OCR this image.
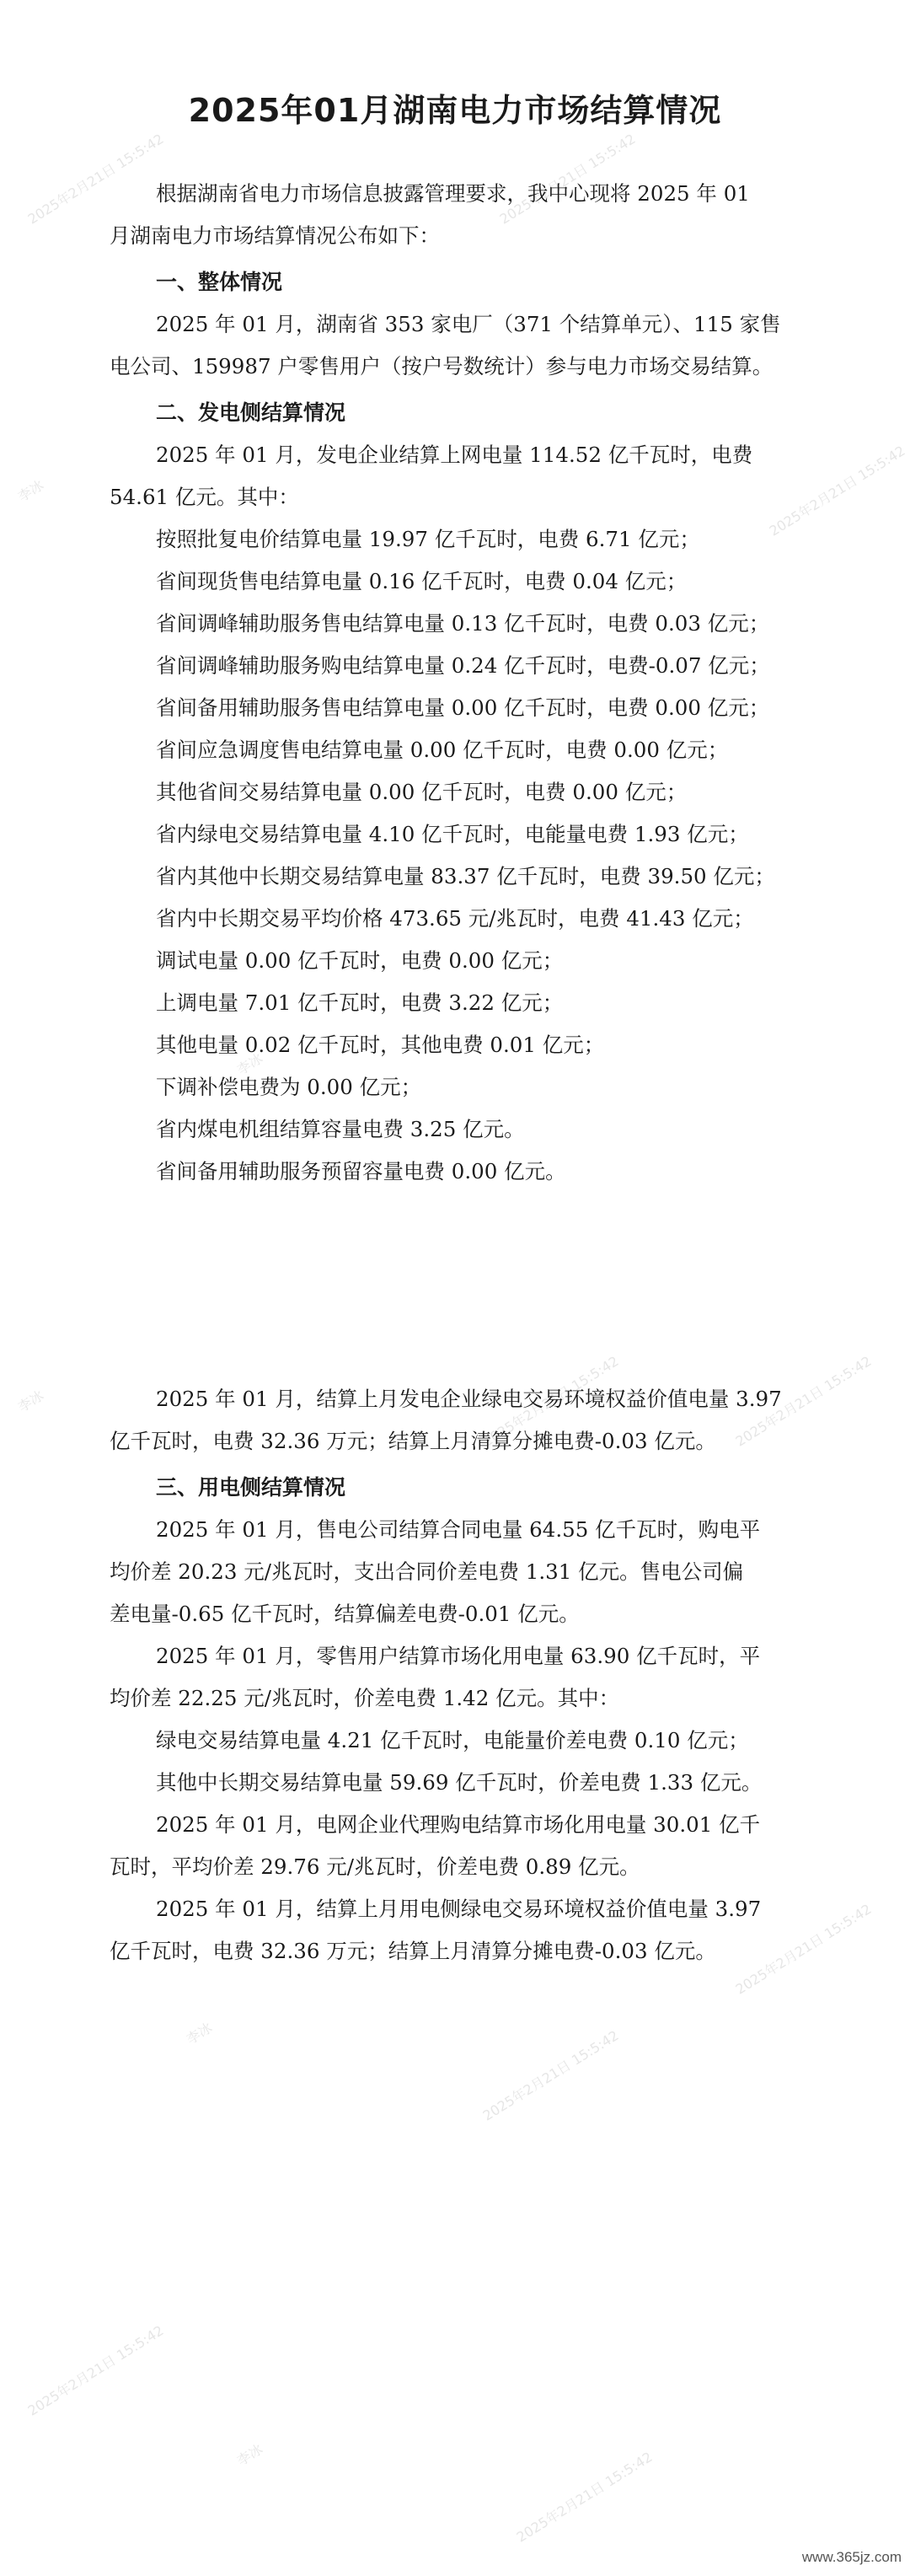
2025年2月21日 15:5:42	2025年2月21日 15:5:42
2025年2月21日 15:5:42
李冰
李冰
2025年2月21日 15:5:42
李冰	2025年2月21日 15:5:42
李冰	2025年2月21日 15:5:42
2025年2月21日 15:5:42
2025年2月21日 15:5:42
李冰	2025年2月21日 15:5:42
2025年01月湖南电力市场结算情况
根据湖南省电力市场信息披露管理要求，我中心现将 2025 年 01
月湖南电力市场结算情况公布如下：
一、整体情况
2025 年 01 月，湖南省 353 家电厂（371 个结算单元）、115 家售
电公司、159987 户零售用户（按户号数统计）参与电力市场交易结算。
二、发电侧结算情况
2025 年 01 月，发电企业结算上网电量 114.52 亿千瓦时，电费
54.61 亿元。其中：
按照批复电价结算电量 19.97 亿千瓦时，电费 6.71 亿元；
省间现货售电结算电量 0.16 亿千瓦时，电费 0.04 亿元；
省间调峰辅助服务售电结算电量 0.13 亿千瓦时，电费 0.03 亿元；
省间调峰辅助服务购电结算电量 0.24 亿千瓦时，电费-0.07 亿元；
省间备用辅助服务售电结算电量 0.00 亿千瓦时，电费 0.00 亿元；
省间应急调度售电结算电量 0.00 亿千瓦时，电费 0.00 亿元；
其他省间交易结算电量 0.00 亿千瓦时，电费 0.00 亿元；
省内绿电交易结算电量 4.10 亿千瓦时，电能量电费 1.93 亿元；
省内其他中长期交易结算电量 83.37 亿千瓦时，电费 39.50 亿元；
省内中长期交易平均价格 473.65 元/兆瓦时，电费 41.43 亿元；
调试电量 0.00 亿千瓦时，电费 0.00 亿元；
上调电量 7.01 亿千瓦时，电费 3.22 亿元；
其他电量 0.02 亿千瓦时，其他电费 0.01 亿元；
下调补偿电费为 0.00 亿元；
省内煤电机组结算容量电费 3.25 亿元。
省间备用辅助服务预留容量电费 0.00 亿元。
2025 年 01 月，结算上月发电企业绿电交易环境权益价值电量 3.97
亿千瓦时，电费 32.36 万元；结算上月清算分摊电费-0.03 亿元。
三、用电侧结算情况
2025 年 01 月，售电公司结算合同电量 64.55 亿千瓦时，购电平
均价差 20.23 元/兆瓦时，支出合同价差电费 1.31 亿元。售电公司偏
差电量-0.65 亿千瓦时，结算偏差电费-0.01 亿元。
2025 年 01 月，零售用户结算市场化用电量 63.90 亿千瓦时，平
均价差 22.25 元/兆瓦时，价差电费 1.42 亿元。其中：
绿电交易结算电量 4.21 亿千瓦时，电能量价差电费 0.10 亿元；
其他中长期交易结算电量 59.69 亿千瓦时，价差电费 1.33 亿元。
2025 年 01 月，电网企业代理购电结算市场化用电量 30.01 亿千
瓦时，平均价差 29.76 元/兆瓦时，价差电费 0.89 亿元。
2025 年 01 月，结算上月用电侧绿电交易环境权益价值电量 3.97
亿千瓦时，电费 32.36 万元；结算上月清算分摊电费-0.03 亿元。
www.365jz.com
